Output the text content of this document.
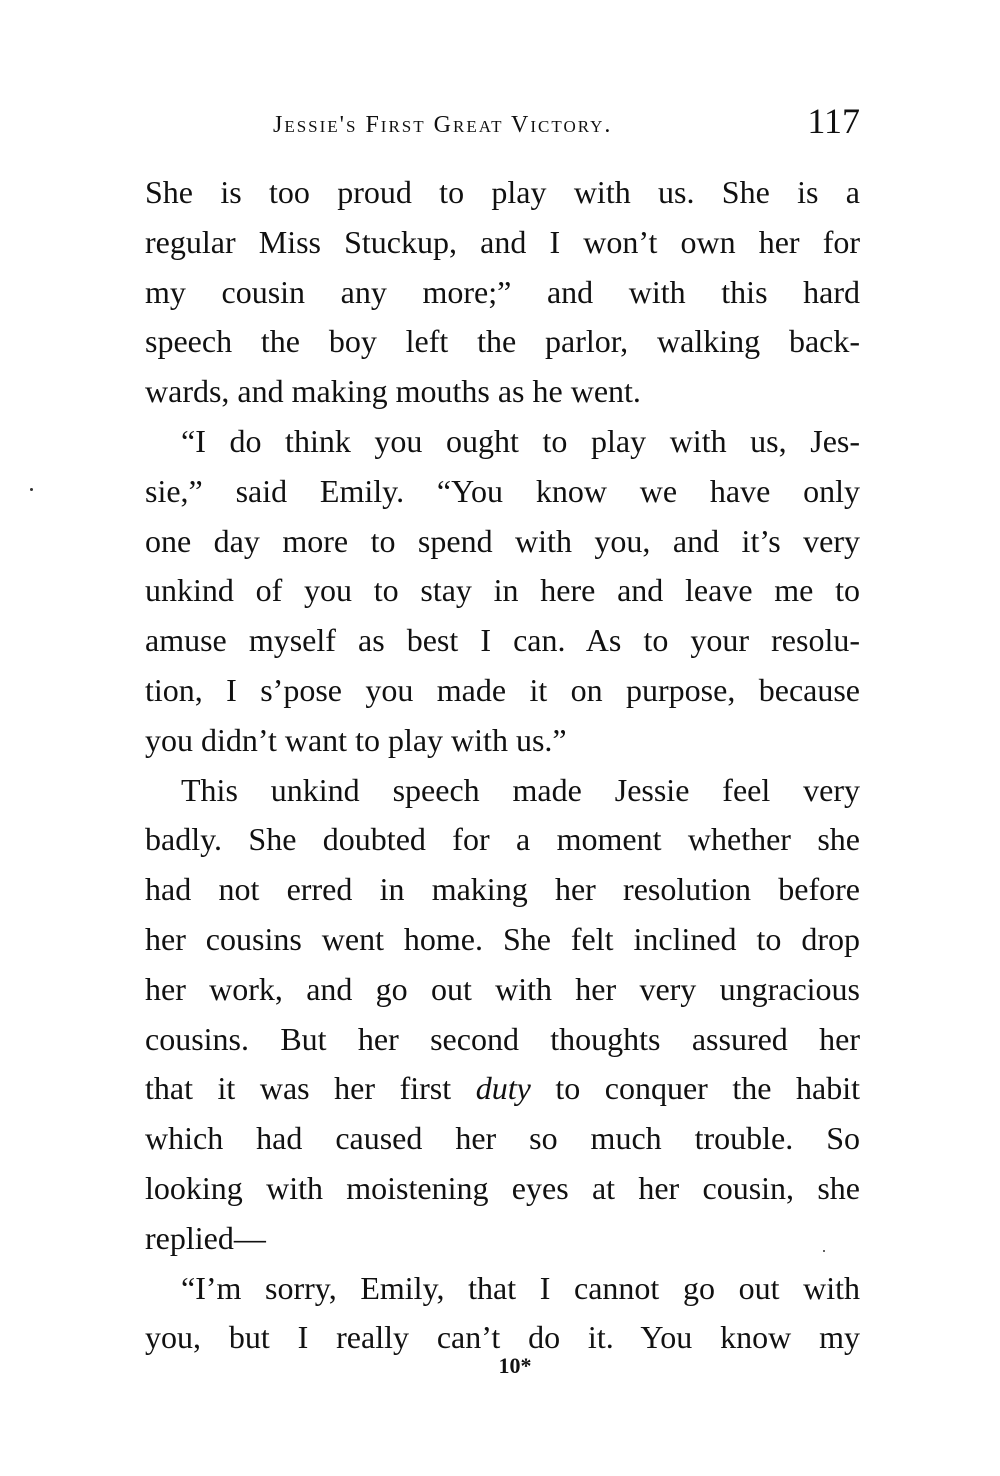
Jessie's First Great Victory.	117
She is too proud to play with us. She is a
regular Miss Stuckup, and I won’t own her for
my cousin any more;” and with this hard
speech the boy left the parlor, walking back-
wards, and making mouths as he went.
“I do think you ought to play with us, Jes-
sie,” said Emily. “You know we have only
one day more to spend with you, and it’s very
unkind of you to stay in here and leave me to
amuse myself as best I can. As to your resolu-
tion, I s’pose you made it on purpose, because
you didn’t want to play with us.”
This unkind speech made Jessie feel very
badly. She doubted for a moment whether she
had not erred in making her resolution before
her cousins went home. She felt inclined to drop
her work, and go out with her very ungracious
cousins. But her second thoughts assured her
that it was her first duty to conquer the habit
which had caused her so much trouble. So
looking with moistening eyes at her cousin, she
replied—
“I’m sorry, Emily, that I cannot go out with
you, but I really can’t do it. You know my
10*
